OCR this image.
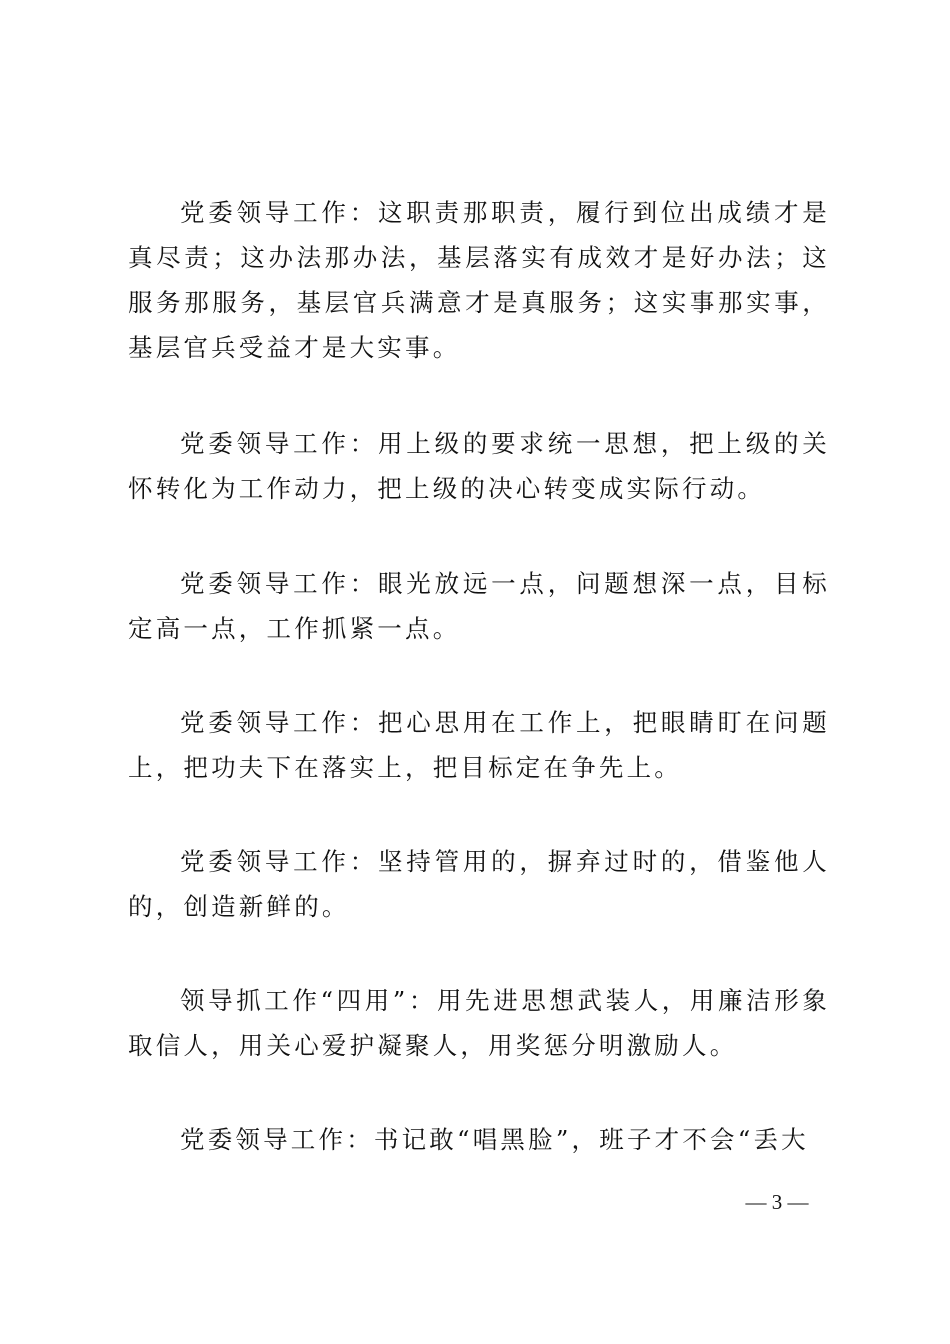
党委领导工作：这职责那职责，履行到位出成绩才是真尽责；这办法那办法，基层落实有成效才是好办法；这服务那服务，基层官兵满意才是真服务；这实事那实事，基层官兵受益才是大实事。

党委领导工作：用上级的要求统一思想，把上级的关怀转化为工作动力，把上级的决心转变成实际行动。

党委领导工作：眼光放远一点，问题想深一点，目标定高一点，工作抓紧一点。

党委领导工作：把心思用在工作上，把眼睛盯在问题上，把功夫下在落实上，把目标定在争先上。

党委领导工作：坚持管用的，摒弃过时的，借鉴他人的，创造新鲜的。

领导抓工作“四用”：用先进思想武装人，用廉洁形象取信人，用关心爱护凝聚人，用奖惩分明激励人。

党委领导工作：书记敢“唱黑脸”，班子才不会“丢大

— 3 —
